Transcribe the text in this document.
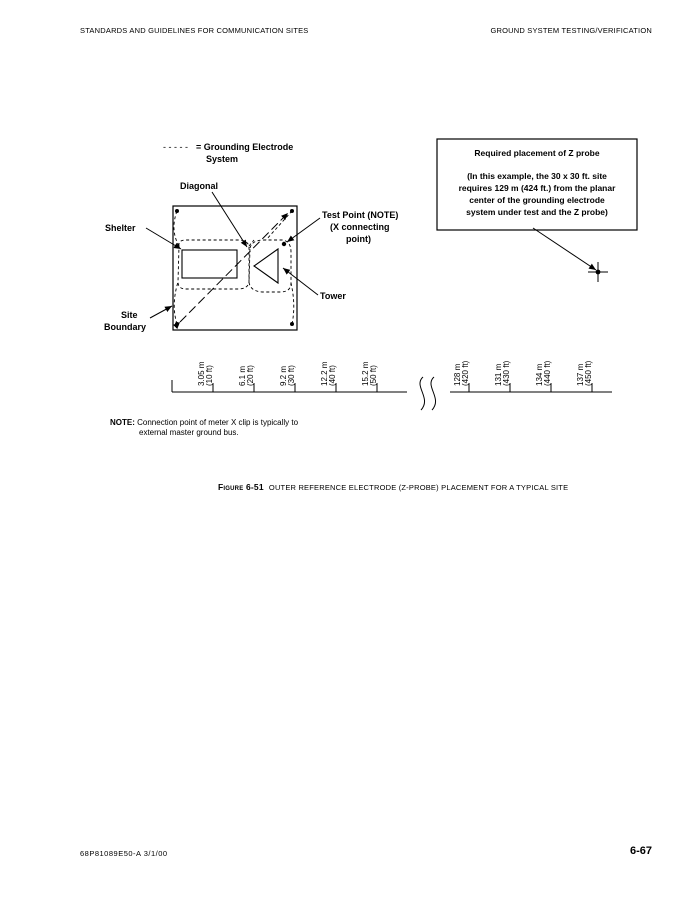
STANDARDS AND GUIDELINES FOR COMMUNICATION SITES	GROUND SYSTEM TESTING/VERIFICATION
- - - - - = Grounding Electrode
System
Diagonal
Shelter
Test Point (NOTE)
(X connecting
point)
Tower
Site
Boundary
Required placement of Z probe
(In this example, the 30 x 30 ft. site
requires 129 m (424 ft.) from the planar
center of the grounding electrode
system under test and the Z probe)
3.05 m (10 ft)	6.1 m (20 ft)	9.2 m (30 ft)	12.2 m (40 ft)	15.2 m (50 ft)	128 m (420 ft)	131 m (430 ft)	134 m (440 ft)	137 m (450 ft)
NOTE: Connection point of meter X clip is typically to
external master ground bus.
Figure 6-51 OUTER REFERENCE ELECTRODE (Z-PROBE) PLACEMENT FOR A TYPICAL SITE
68P81089E50-A 3/1/00	6-67
